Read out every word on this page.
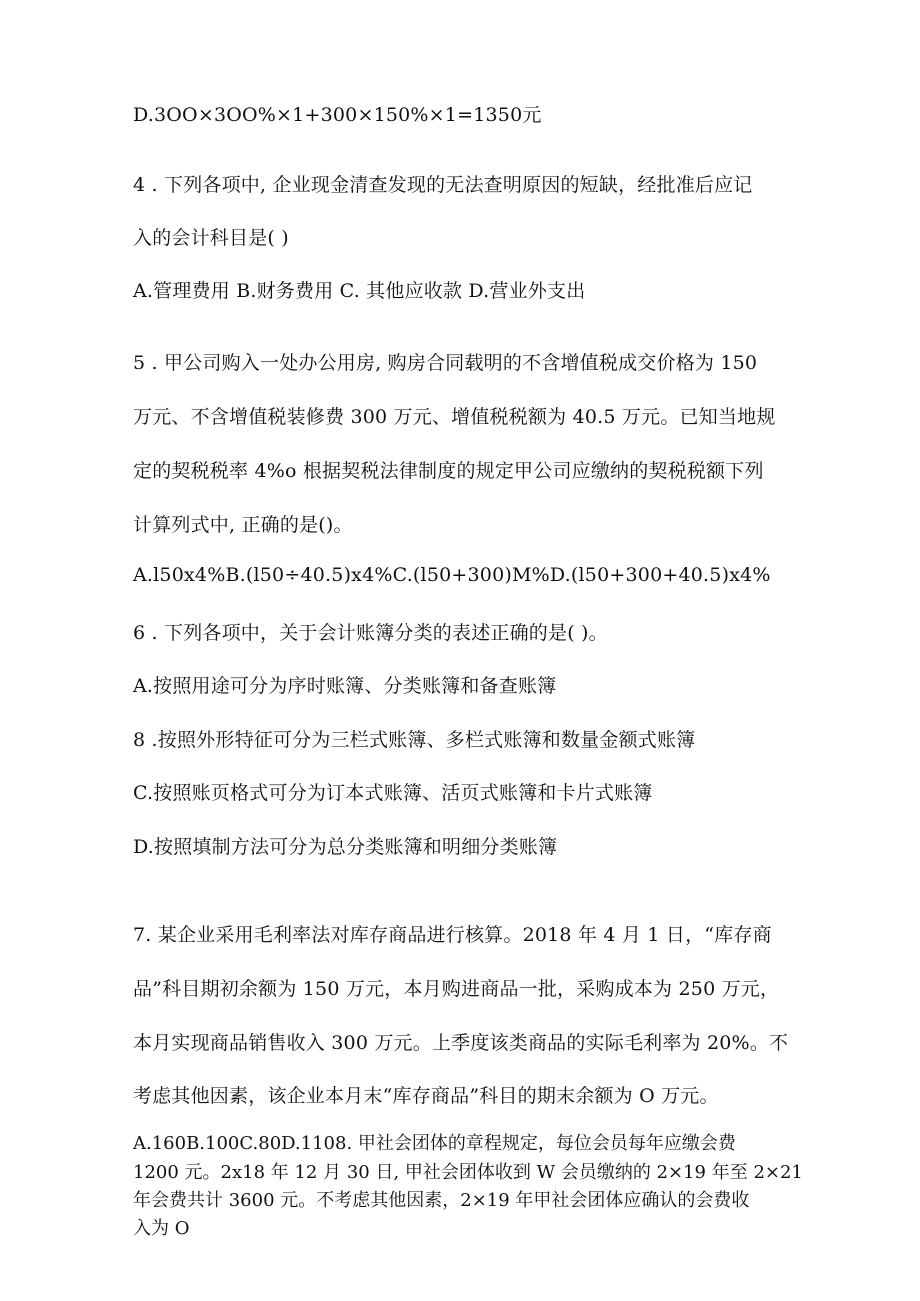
D.3OO×3OO%×1+300×150%×1=1350元
4 . 下列各项中, 企业现金清查发现的无法查明原因的短缺，经批准后应记
入的会计科目是( )
A.管理费用 B.财务费用 C. 其他应收款 D.营业外支出
5 . 甲公司购入一处办公用房, 购房合同载明的不含增值税成交价格为 150
万元、不含增值税装修费 300 万元、增值税税额为 40.5 万元。已知当地规
定的契税税率 4%o 根据契税法律制度的规定甲公司应缴纳的契税税额下列
计算列式中, 正确的是()。
A.l50x4%B.(l50÷40.5)x4%C.(l50+300)M%D.(l50+300+40.5)x4%
6 . 下列各项中，关于会计账簿分类的表述正确的是( )。
A.按照用途可分为序时账簿、分类账簿和备查账簿
8 .按照外形特征可分为三栏式账簿、多栏式账簿和数量金额式账簿
C.按照账页格式可分为订本式账簿、活页式账簿和卡片式账簿
D.按照填制方法可分为总分类账簿和明细分类账簿
7. 某企业采用毛利率法对库存商品进行核算。2018 年 4 月 1 日，“库存商
品”科目期初余额为 150 万元，本月购进商品一批，采购成本为 250 万元，
本月实现商品销售收入 300 万元。上季度该类商品的实际毛利率为 20%。不
考虑其他因素，该企业本月末“库存商品”科目的期末余额为 O 万元。
A.160B.100C.80D.1108. 甲社会团体的章程规定，每位会员每年应缴会费
1200 元。2x18 年 12 月 30 日, 甲社会团体收到 W 会员缴纳的 2×19 年至 2×21
年会费共计 3600 元。不考虑其他因素，2×19 年甲社会团体应确认的会费收
入为 O
